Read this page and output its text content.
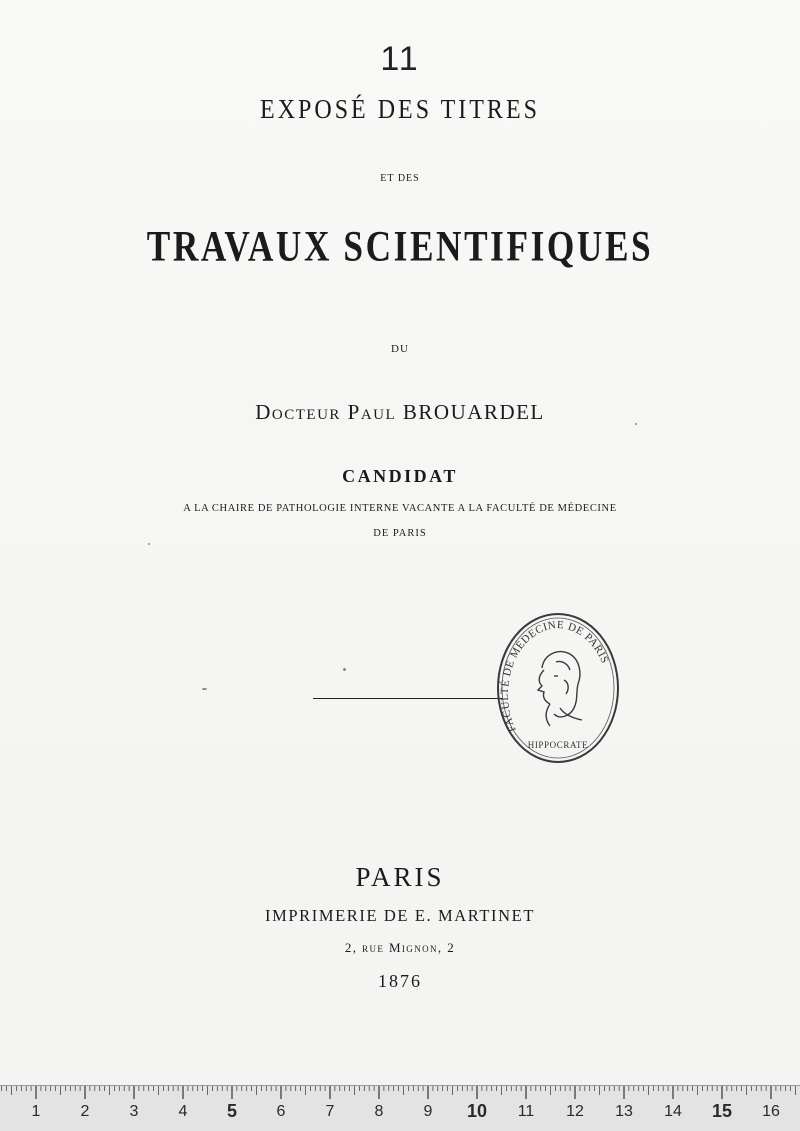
11
EXPOSÉ DES TITRES
ET DES
TRAVAUX SCIENTIFIQUES
DU
Docteur Paul BROUARDEL
CANDIDAT
A LA CHAIRE DE PATHOLOGIE INTERNE VACANTE A LA FACULTÉ DE MÉDECINE
DE PARIS
FACULTÉ DE MÉDECINE DE PARIS
HIPPOCRATE
PARIS
IMPRIMERIE DE E. MARTINET
2, rue Mignon, 2
1876
1	2	3	4 5 6	7	8	9 10 11 12 13 14 15 16
